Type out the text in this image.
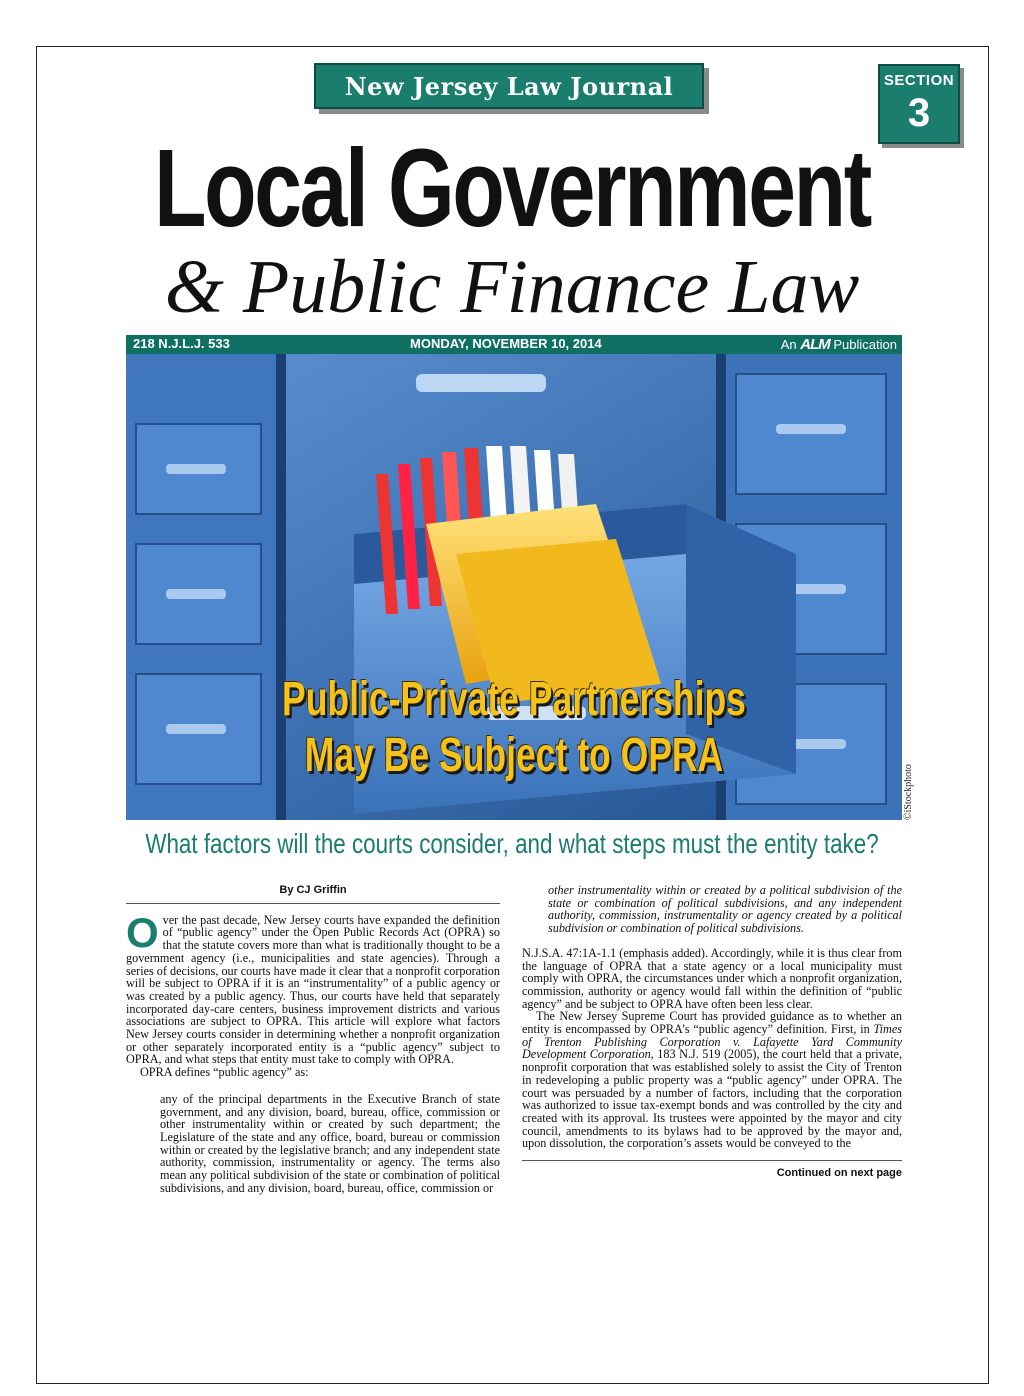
New Jersey Law Journal	SECTION
3
Local Government
& Public Finance Law
218 N.J.L.J. 533	MONDAY, NOVEMBER 10, 2014	An ALM Publication
Public-Private Partnerships
May Be Subject to OPRA
©iStockphoto
What factors will the courts consider, and what steps must the entity take?
By CJ Griffin

Over the past decade, New Jersey courts have expanded the definition of “public agency” under the Open Public Records Act (OPRA) so that the statute covers more than what is traditionally thought to be a government agency (i.e., municipalities and state agencies). Through a series of decisions, our courts have made it clear that a nonprofit corporation will be subject to OPRA if it is an “instrumentality” of a public agency or was created by a public agency. Thus, our courts have held that separately incorporated day-care centers, business improvement districts and various associations are subject to OPRA. This article will explore what factors New Jersey courts consider in determining whether a nonprofit organization or other separately incorporated entity is a “public agency” subject to OPRA, and what steps that entity must take to comply with OPRA.

OPRA defines “public agency” as:

any of the principal departments in the Executive Branch of state government, and any division, board, bureau, office, commission or other instrumentality within or created by such department; the Legislature of the state and any office, board, bureau or commission within or created by the legislative branch; and any independent state authority, commission, instrumentality or agency. The terms also mean any political subdivision of the state or combination of political subdivisions, and any division, board, bureau, office, commission or

other instrumentality within or created by a political subdivision of the state or combination of political subdivisions, and any independent authority, commission, instrumentality or agency created by a political subdivision or combination of political subdivisions.

N.J.S.A. 47:1A-1.1 (emphasis added). Accordingly, while it is thus clear from the language of OPRA that a state agency or a local municipality must comply with OPRA, the circumstances under which a nonprofit organization, commission, authority or agency would fall within the definition of “public agency” and be subject to OPRA have often been less clear.

The New Jersey Supreme Court has provided guidance as to whether an entity is encompassed by OPRA’s “public agency” definition. First, in Times of Trenton Publishing Corporation v. Lafayette Yard Community Development Corporation, 183 N.J. 519 (2005), the court held that a private, nonprofit corporation that was established solely to assist the City of Trenton in redeveloping a public property was a “public agency” under OPRA. The court was persuaded by a number of factors, including that the corporation was authorized to issue tax-exempt bonds and was controlled by the city and created with its approval. Its trustees were appointed by the mayor and city council, amendments to its bylaws had to be approved by the mayor and, upon dissolution, the corporation’s assets would be conveyed to the

Continued on next page
